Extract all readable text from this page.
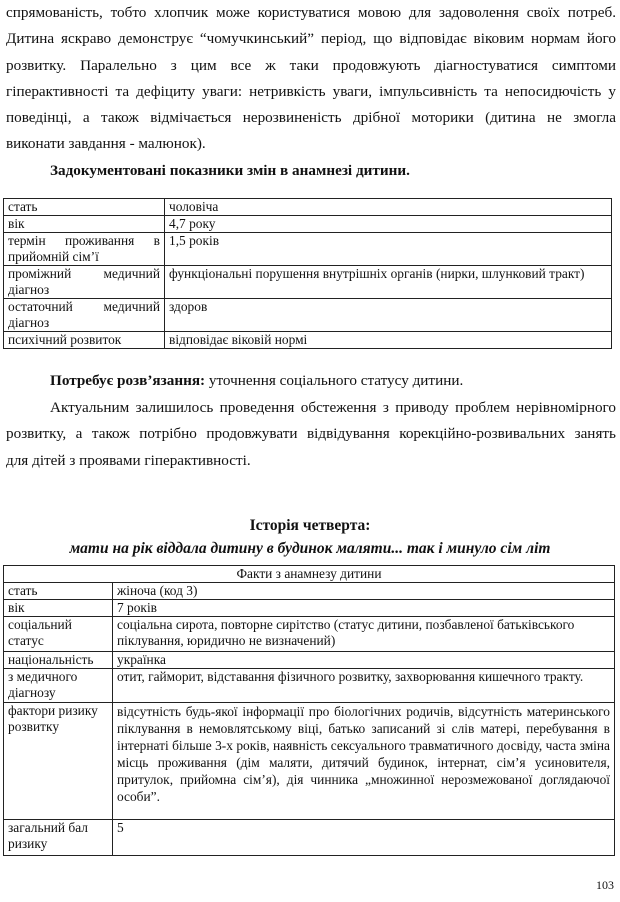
спрямованість, тобто хлопчик може користуватися мовою для задоволення своїх потреб.
Дитина яскраво демонструє “чомучкинський” період, що відповідає віковим нормам його
розвитку. Паралельно з цим все ж таки продовжують діагностуватися симптоми
гіперактивності та дефіциту уваги: нетривкість уваги, імпульсивність та непосидючість у
поведінці, а також відмічається нерозвиненість дрібної моторики (дитина не змогла
виконати завдання - малюнок).
Задокументовані показники змін в анамнезі дитини.
стать	чоловіча
вік	4,7 року
термін проживання в прийомній сім’ї	1,5 років
проміжний медичний діагноз	функціональні порушення внутрішніх органів (нирки, шлунковий тракт)
остаточний медичний діагноз	здоров
психічний розвиток	відповідає віковій нормі
Потребує розв’язання: уточнення соціального статусу дитини.
Актуальним залишилось проведення обстеження з приводу проблем нерівномірного
розвитку, а також потрібно продовжувати відвідування корекційно-розвивальних занять
для дітей з проявами гіперактивності.
Історія четверта:
мати на рік віддала дитину в будинок маляти... так і минуло сім літ
Факти з анамнезу дитини	
стать	жіноча (код 3)
вік	7 років
соціальний статус	соціальна сирота, повторне сирітство (статус дитини, позбавленої батьківського піклування, юридично не визначений)
національність	українка
з медичного діагнозу	отит, гайморит, відставання фізичного розвитку, захворювання кишечного тракту.
фактори ризику розвитку	відсутність будь-якої інформації про біологічних родичів, відсутність материнського піклування в немовлятському віці, батько записаний зі слів матері, перебування в інтернаті більше 3-х років, наявність сексуального травматичного досвіду, часта зміна місць проживання (дім маляти, дитячий будинок, інтернат, сім’я усиновителя, притулок, прийомна сім’я), дія чинника „множинної нерозмежованої доглядаючої особи”.
загальний бал ризику	5
103
